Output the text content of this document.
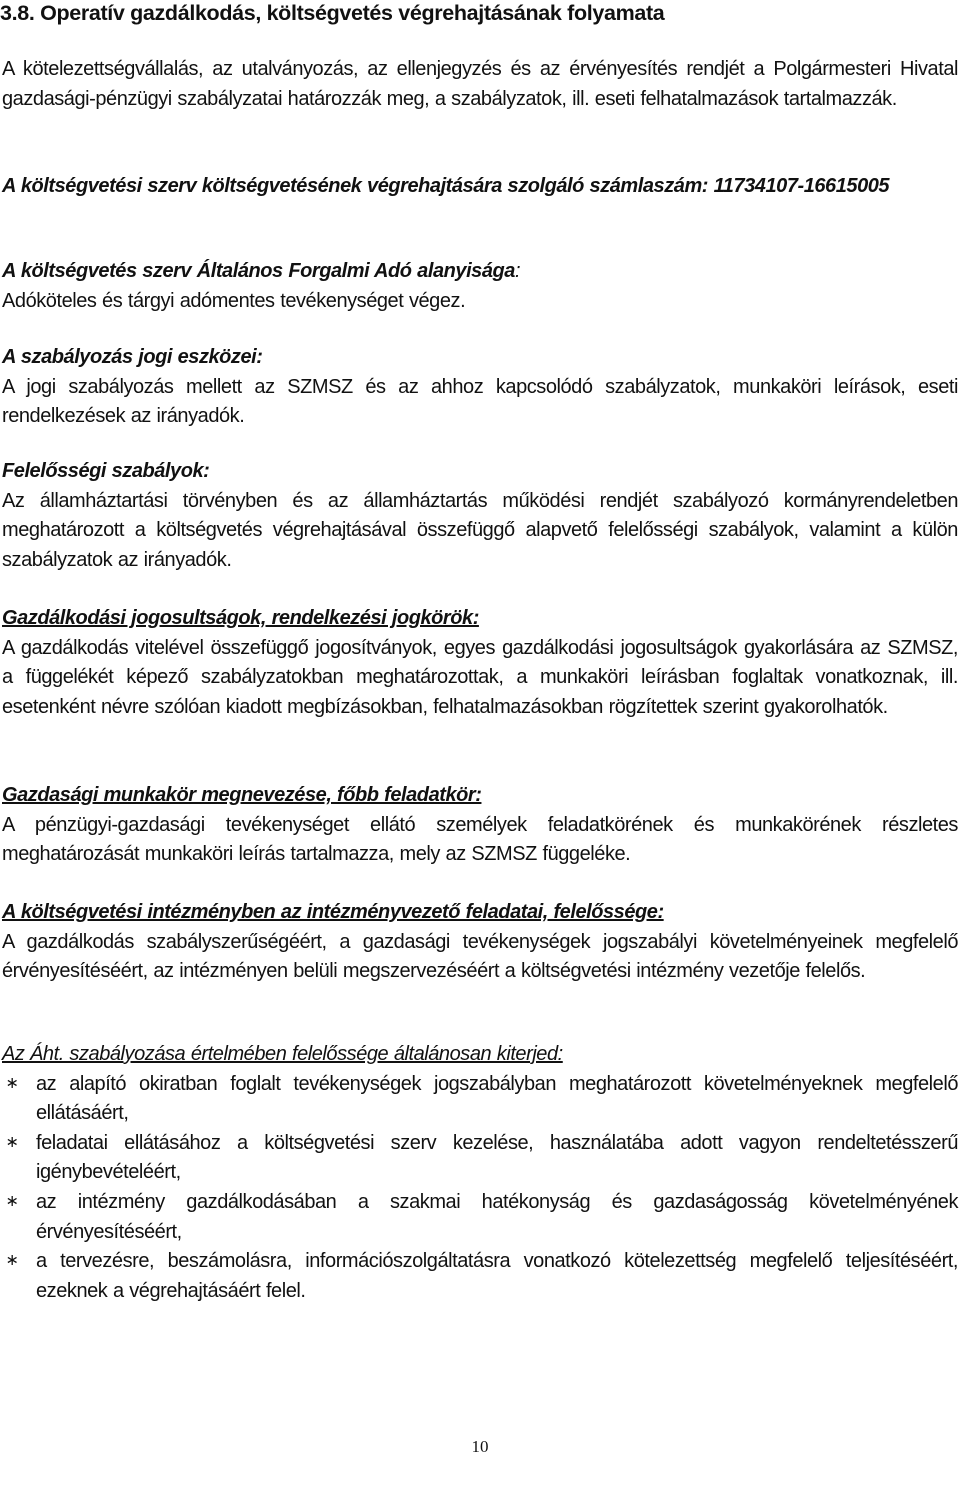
3.8. Operatív gazdálkodás, költségvetés végrehajtásának folyamata

A kötelezettségvállalás, az utalványozás, az ellenjegyzés és az érvényesítés rendjét a Polgármesteri Hivatal gazdasági-pénzügyi szabályzatai határozzák meg, a szabályzatok, ill. eseti felhatalmazások tartalmazzák.

A költségvetési szerv költségvetésének végrehajtására szolgáló számlaszám: 11734107-16615005

A költségvetés szerv Általános Forgalmi Adó alanyisága:

Adóköteles és tárgyi adómentes tevékenységet végez.

A szabályozás jogi eszközei:

A jogi szabályozás mellett az SZMSZ és az ahhoz kapcsolódó szabályzatok, munkaköri leírások, eseti rendelkezések az irányadók.

Felelősségi szabályok:

Az államháztartási törvényben és az államháztartás működési rendjét szabályozó kormányrendeletben meghatározott a költségvetés végrehajtásával összefüggő alapvető felelősségi szabályok, valamint a külön szabályzatok az irányadók.

Gazdálkodási jogosultságok, rendelkezési jogkörök:

A gazdálkodás vitelével összefüggő jogosítványok, egyes gazdálkodási jogosultságok gyakorlására az SZMSZ, a függelékét képező szabályzatokban meghatározottak, a munkaköri leírásban foglaltak vonatkoznak, ill. esetenként névre szólóan kiadott megbízásokban, felhatalmazásokban rögzítettek szerint gyakorolhatók.

Gazdasági munkakör megnevezése, főbb feladatkör:

A pénzügyi-gazdasági tevékenységet ellátó személyek feladatkörének és munkakörének részletes meghatározását munkaköri leírás tartalmazza, mely az SZMSZ függeléke.

A költségvetési intézményben az intézményvezető feladatai, felelőssége:

A gazdálkodás szabályszerűségéért, a gazdasági tevékenységek jogszabályi követelményeinek megfelelő érvényesítéséért, az intézményen belüli megszervezéséért a költségvetési intézmény vezetője felelős.

Az Áht. szabályozása értelmében felelőssége általánosan kiterjed:

∗ az alapító okiratban foglalt tevékenységek jogszabályban meghatározott követelményeknek megfelelő ellátásáért,
∗ feladatai ellátásához a költségvetési szerv kezelése, használatába adott vagyon rendeltetésszerű igénybevételéért,
∗ az intézmény gazdálkodásában a szakmai hatékonyság és gazdaságosság követelményének érvényesítéséért,
∗ a tervezésre, beszámolásra, információszolgáltatásra vonatkozó kötelezettség megfelelő teljesítéséért, ezeknek a végrehajtásáért felel.
10
